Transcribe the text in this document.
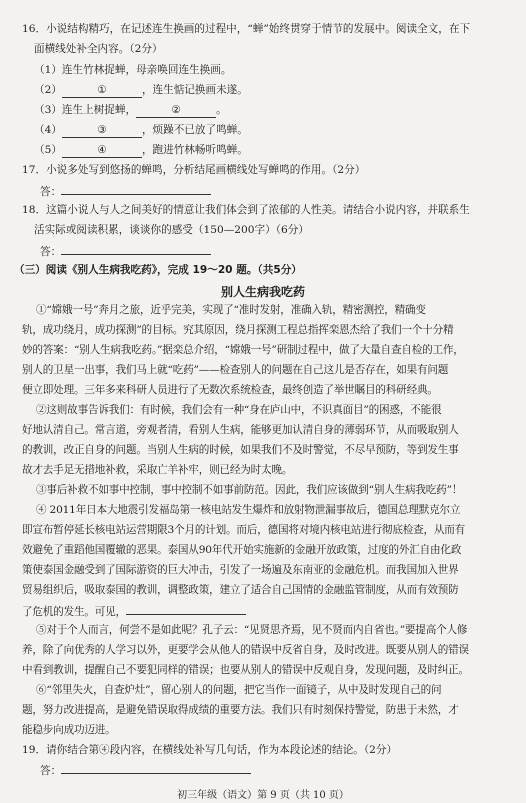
16．小说结构精巧，在记述连生换画的过程中，“蝉”始终贯穿于情节的发展中。阅读全文，在下
面横线处补全内容。（2分）
（1）连生竹林捉蝉，母亲唤回连生换画。
（2）	①	，连生惦记换画未遂。
（3）连生上树捉蝉，	②	。
（4）	③	，烦躁不已放了鸣蝉。
（5）	④	，跑进竹林畅听鸣蝉。
17．小说多处写到悠扬的蝉鸣，分析结尾画横线处写蝉鸣的作用。（2分）
答：
18．这篇小说人与人之间美好的情意让我们体会到了浓郁的人性美。请结合小说内容，并联系生
活实际或阅读积累，谈谈你的感受（150—200字）（6分）
答：
（三）阅读《别人生病我吃药》，完成 19～20 题。（共5分）
别人生病我吃药
①“嫦娥一号”奔月之旅，近乎完美，实现了“准时发射，准确入轨，精密测控，精确变
轨，成功绕月，成功探测”的目标。究其原因，绕月探测工程总指挥栾恩杰给了我们一个十分精
妙的答案：“别人生病我吃药。”据栾总介绍，“嫦娥一号”研制过程中，做了大量自查自检的工作，
别人的卫星一出事，我们马上就“吃药”——检查别人的问题在自己这儿是否存在，如果有问题
便立即处理。三年多来科研人员进行了无数次系统检查，最终创造了举世瞩目的科研经典。
②这则故事告诉我们：有时候，我们会有一种“身在庐山中，不识真面目”的困惑，不能很
好地认清自己。常言道，旁观者清，看别人生病，能够更加认清自身的薄弱环节，从而吸取别人
的教训，改正自身的问题。当别人生病的时候，如果我们不及时警觉，不尽早预防，等到发生事
故才去手足无措地补救，采取亡羊补牢，则已经为时太晚。
③事后补救不如事中控制，事中控制不如事前防范。因此，我们应该做到“别人生病我吃药”！
④ 2011年日本大地震引发福岛第一核电站发生爆炸和放射物泄漏事故后，德国总理默克尔立
即宣布暂停延长核电站运营期限3个月的计划。而后，德国将对境内核电站进行彻底检查，从而有
效避免了重蹈他国覆辙的恶果。泰国从90年代开始实施新的金融开放政策，过度的外汇自由化政
策使泰国金融受到了国际游资的巨大冲击，引发了一场遍及东南亚的金融危机。而我国加入世界
贸易组织后，吸取泰国的教训，调整政策，建立了适合自己国情的金融监管制度，从而有效预防
了危机的发生。可见，
⑤对于个人而言，何尝不是如此呢？孔子云：“见贤思齐焉，见不贤而内自省也。”要提高个人修
养，除了向优秀的人学习以外，更要学会从他人的错误中反省自身，及时改进。既要从别人的错误
中看到教训，提醒自己不要犯同样的错误；也要从别人的错误中反观自身，发现问题，及时纠正。
⑥“邻里失火，自查炉灶”，留心别人的问题，把它当作一面镜子，从中及时发现自己的问
题，努力改进提高，是避免错误取得成绩的重要方法。我们只有时刻保持警觉，防患于未然，才
能稳步向成功迈进。
19．请你结合第④段内容，在横线处补写几句话，作为本段论述的结论。（2分）
答：
初三年级（语文）第 9 页（共 10 页）
